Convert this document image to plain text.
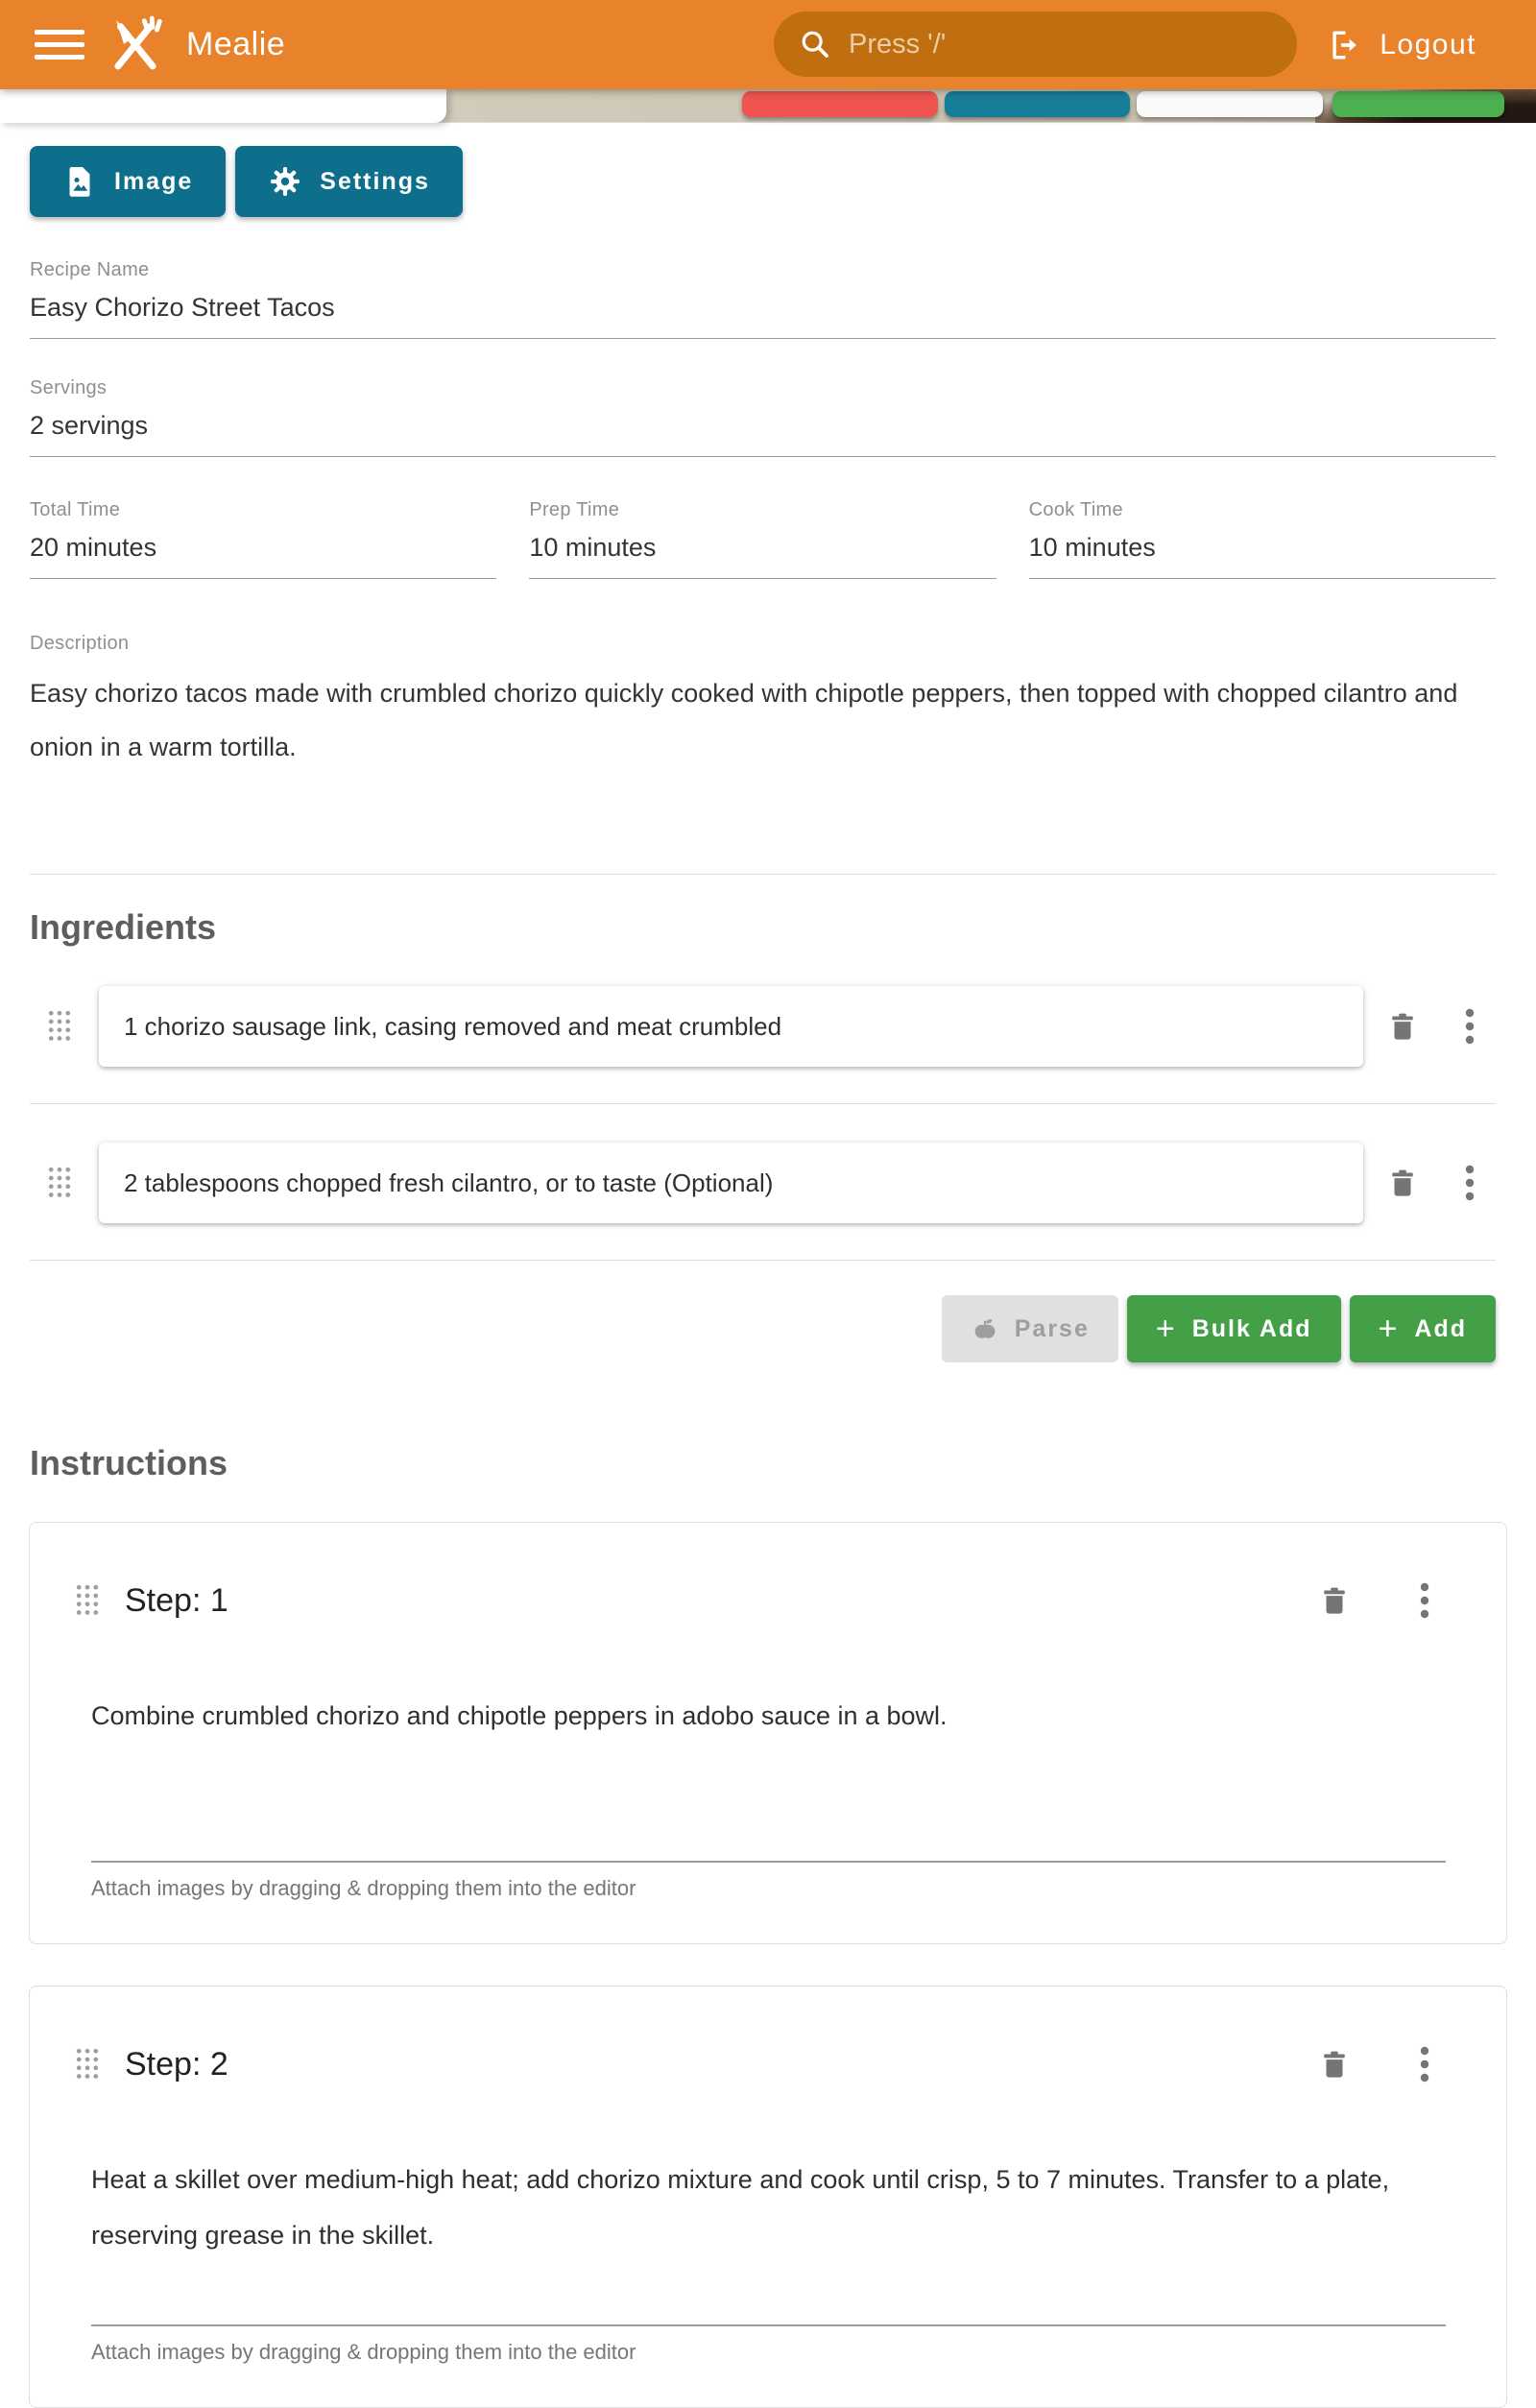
Mealie
Press '/'	Logout
Image	Settings
Recipe Name
Easy Chorizo Street Tacos
Servings
2 servings
Total Time
20 minutes
Prep Time
10 minutes
Cook Time
10 minutes
Description
Easy chorizo tacos made with crumbled chorizo quickly cooked with chipotle peppers, then topped with chopped cilantro and onion in a warm tortilla.
Ingredients
1 chorizo sausage link, casing removed and meat crumbled
2 tablespoons chopped fresh cilantro, or to taste (Optional)
Parse + Bulk Add + Add
Instructions
Step: 1
Combine crumbled chorizo and chipotle peppers in adobo sauce in a bowl.
Attach images by dragging & dropping them into the editor
Step: 2
Heat a skillet over medium-high heat; add chorizo mixture and cook until crisp, 5 to 7 minutes. Transfer to a plate, reserving grease in the skillet.
Attach images by dragging & dropping them into the editor
